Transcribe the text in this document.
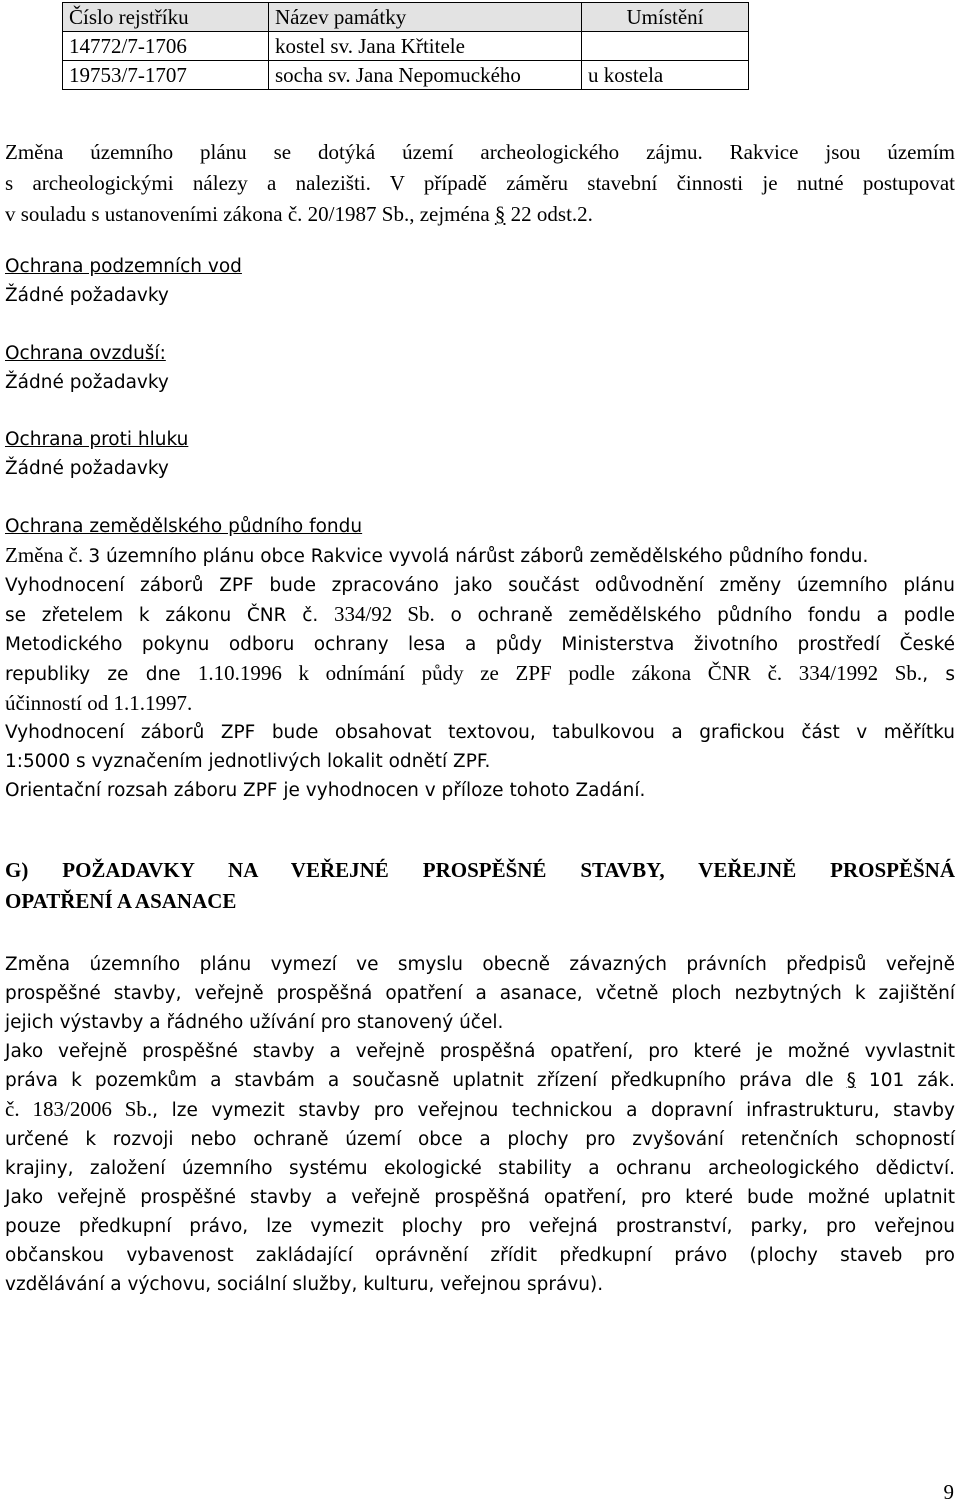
Číslo rejstříku	Název památky	Umístění
14772/7-1706	kostel sv. Jana Křtitele	
19753/7-1707	socha sv. Jana Nepomuckého	u kostela
Změna územního plánu se dotýká území archeologického zájmu. Rakvice jsou územím
s archeologickými nálezy a nalezišti. V případě záměru stavební činnosti je nutné postupovat
v souladu s ustanoveními zákona č. 20/1987 Sb., zejména § 22 odst.2.
Ochrana podzemních vod
Žádné požadavky
Ochrana ovzduší:
Žádné požadavky
Ochrana proti hluku
Žádné požadavky
Ochrana zemědělského půdního fondu
Změna č. 3 územního plánu obce Rakvice vyvolá nárůst záborů zemědělského půdního fondu.
Vyhodnocení záborů ZPF bude zpracováno jako součást odůvodnění změny územního plánu
se zřetelem k zákonu ČNR č. 334/92 Sb. o ochraně zemědělského půdního fondu a podle
Metodického pokynu odboru ochrany lesa a půdy Ministerstva životního prostředí České
republiky ze dne 1.10.1996 k odnímání půdy ze ZPF podle zákona ČNR č. 334/1992 Sb., s
účinností od 1.1.1997.
Vyhodnocení záborů ZPF bude obsahovat textovou, tabulkovou a grafickou část v měřítku
1:5000 s vyznačením jednotlivých lokalit odnětí ZPF.
Orientační rozsah záboru ZPF je vyhodnocen v příloze tohoto Zadání.
G) POŽADAVKY NA VEŘEJNÉ PROSPĚŠNÉ STAVBY, VEŘEJNĚ PROSPĚŠNÁ
OPATŘENÍ A ASANACE
Změna územního plánu vymezí ve smyslu obecně závazných právních předpisů veřejně
prospěšné stavby, veřejně prospěšná opatření a asanace, včetně ploch nezbytných k zajištění
jejich výstavby a řádného užívání pro stanovený účel.
Jako veřejně prospěšné stavby a veřejně prospěšná opatření, pro které je možné vyvlastnit
práva k pozemkům a stavbám a současně uplatnit zřízení předkupního práva dle § 101 zák.
č. 183/2006 Sb., lze vymezit stavby pro veřejnou technickou a dopravní infrastrukturu, stavby
určené k rozvoji nebo ochraně území obce a plochy pro zvyšování retenčních schopností
krajiny, založení územního systému ekologické stability a ochranu archeologického dědictví.
Jako veřejně prospěšné stavby a veřejně prospěšná opatření, pro které bude možné uplatnit
pouze předkupní právo, lze vymezit plochy pro veřejná prostranství, parky, pro veřejnou
občanskou vybavenost zakládající oprávnění zřídit předkupní právo (plochy staveb pro
vzdělávání a výchovu, sociální služby, kulturu, veřejnou správu).
9
